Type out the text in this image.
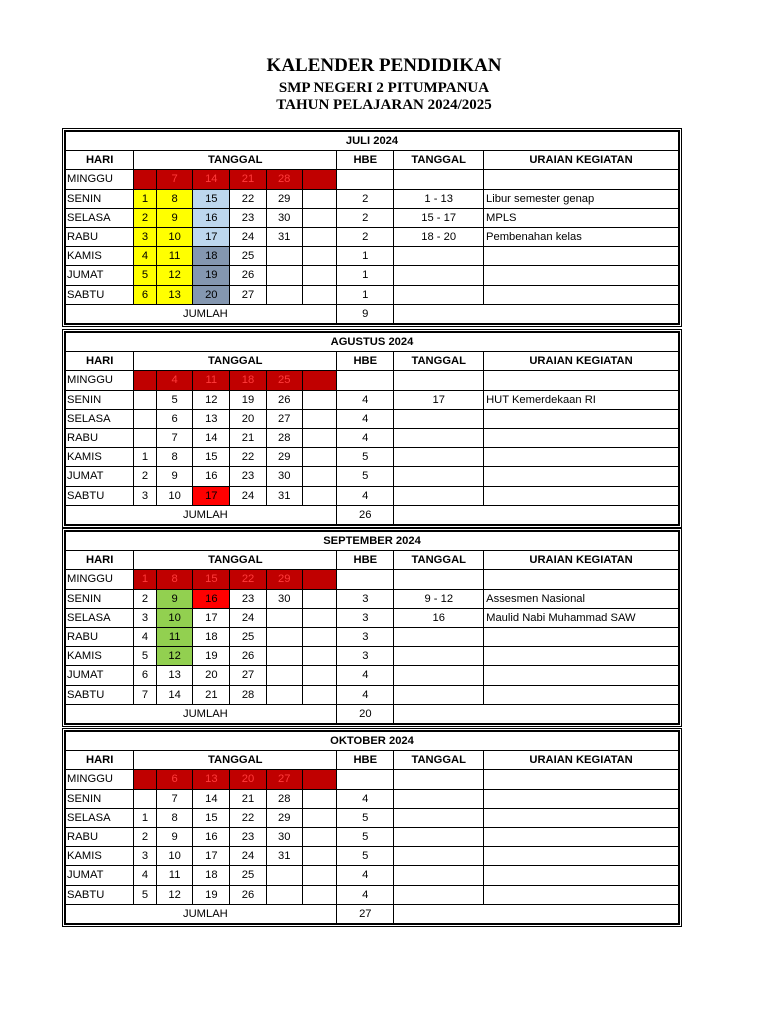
KALENDER PENDIDIKAN
SMP NEGERI 2 PITUMPANUA
TAHUN PELAJARAN 2024/2025
JULI 2024									
HARI	TANGGAL						HBE	TANGGAL	URAIAN KEGIATAN
MINGGU		7	14	21	28				
SENIN	1	8	15	22	29		2	1 - 13	Libur semester genap
SELASA	2	9	16	23	30		2	15 - 17	MPLS
RABU	3	10	17	24	31		2	18 - 20	Pembenahan kelas
KAMIS	4	11	18	25			1		
JUMAT	5	12	19	26			1		
SABTU	6	13	20	27			1		
JUMLAH							9		
AGUSTUS 2024									
HARI	TANGGAL						HBE	TANGGAL	URAIAN KEGIATAN
MINGGU		4	11	18	25				
SENIN		5	12	19	26		4	17	HUT Kemerdekaan RI
SELASA		6	13	20	27		4		
RABU		7	14	21	28		4		
KAMIS	1	8	15	22	29		5		
JUMAT	2	9	16	23	30		5		
SABTU	3	10	17	24	31		4		
JUMLAH							26		
SEPTEMBER 2024									
HARI	TANGGAL						HBE	TANGGAL	URAIAN KEGIATAN
MINGGU	1	8	15	22	29				
SENIN	2	9	16	23	30		3	9 - 12	Assesmen Nasional
SELASA	3	10	17	24			3	16	Maulid Nabi Muhammad SAW
RABU	4	11	18	25			3		
KAMIS	5	12	19	26			3		
JUMAT	6	13	20	27			4		
SABTU	7	14	21	28			4		
JUMLAH							20		
OKTOBER 2024									
HARI	TANGGAL						HBE	TANGGAL	URAIAN KEGIATAN
MINGGU		6	13	20	27				
SENIN		7	14	21	28		4		
SELASA	1	8	15	22	29		5		
RABU	2	9	16	23	30		5		
KAMIS	3	10	17	24	31		5		
JUMAT	4	11	18	25			4		
SABTU	5	12	19	26			4		
JUMLAH							27		
